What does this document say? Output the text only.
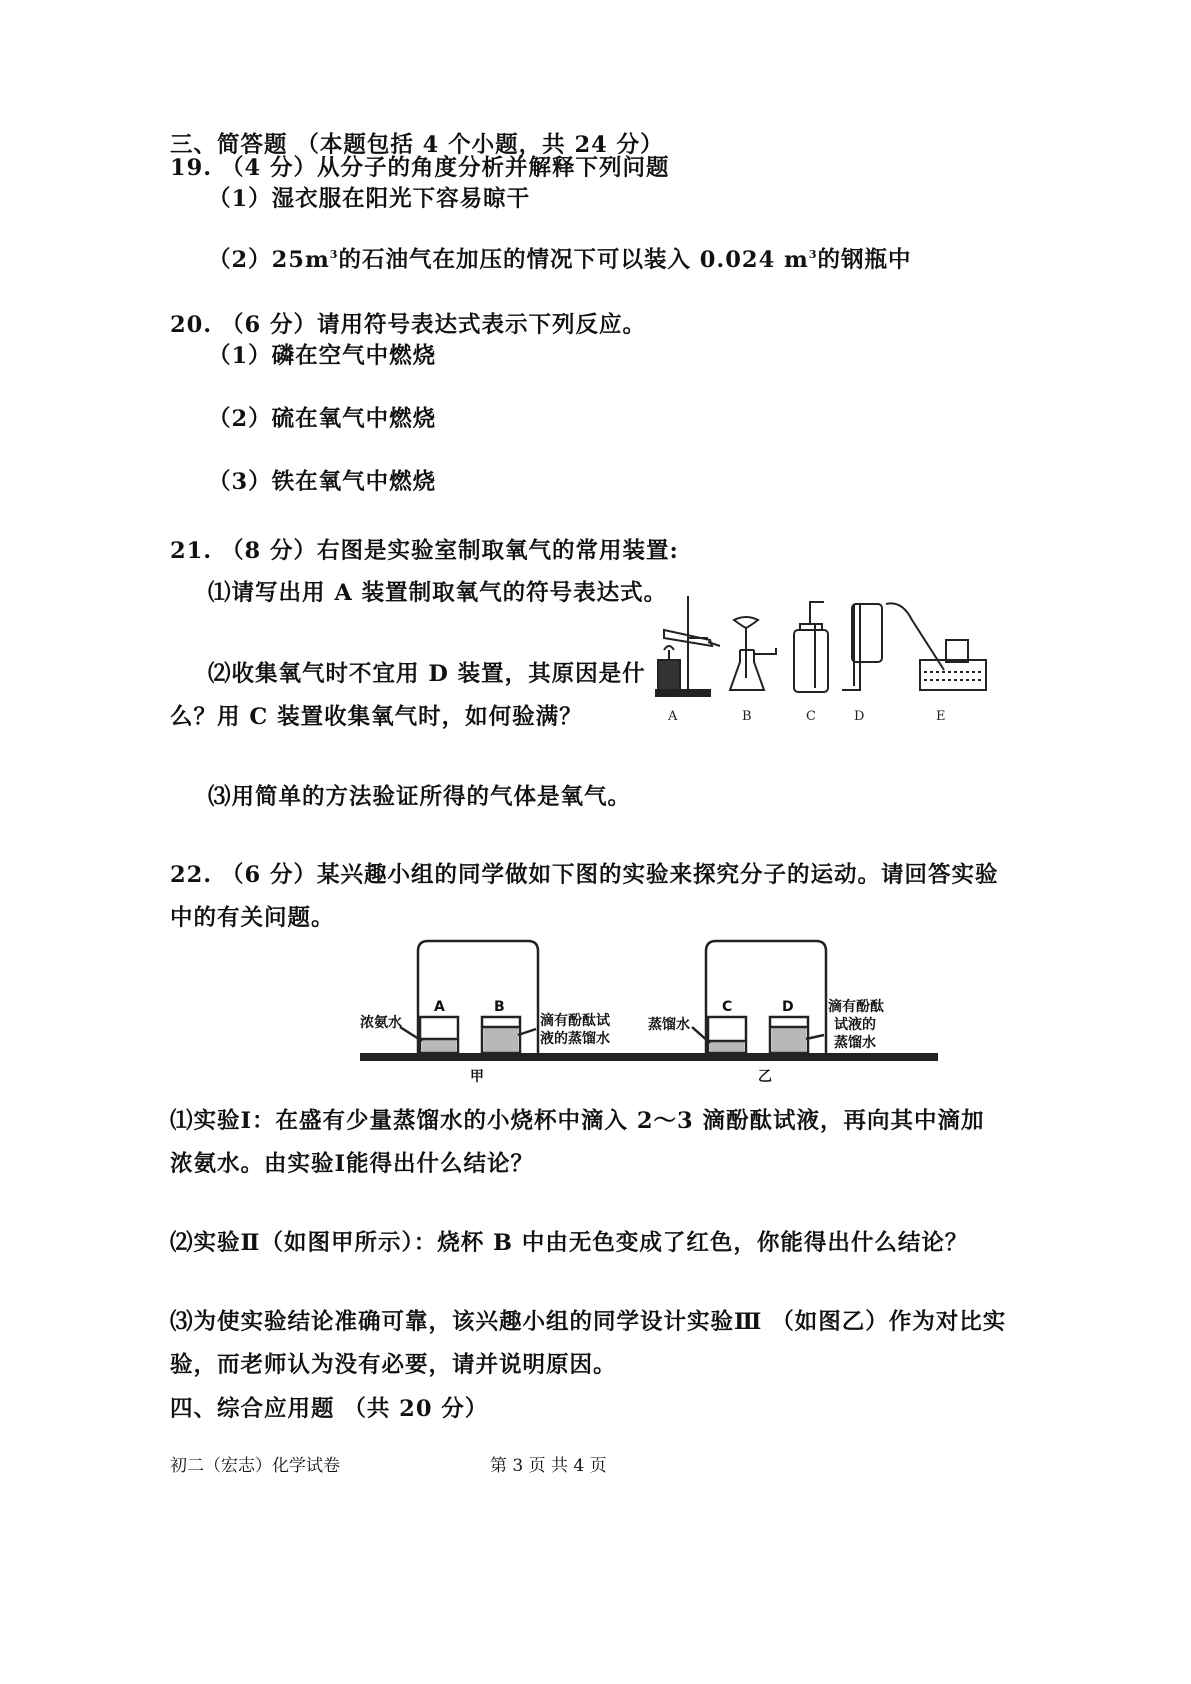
三、简答题 （本题包括 4 个小题，共 24 分）
19. （4 分）从分子的角度分析并解释下列问题
（1）湿衣服在阳光下容易晾干
$(2)25m^3$的石油气在加压的情况下可以装入 0.024 $m^3$的钢瓶中
20. （6 分）请用符号表达式表示下列反应。
（1）磷在空气中燃烧
（2）硫在氧气中燃烧
（3）铁在氧气中燃烧
21. （8 分）右图是实验室制取氧气的常用装置:
⑴请写出用 A 装置制取氧气的符号表达式。
⑵收集氧气时不宜用 D 装置，其原因是什
么？用 C 装置收集氧气时，如何验满？
⑶用简单的方法验证所得的气体是氧气。
A	B	C	D	E
22. （6 分）某兴趣小组的同学做如下图的实验来探究分子的运动。请回答实验
中的有关问题。
A	B
浓氨水	滴有酚酞试
液的蒸馏水
甲
C	D
蒸馏水
滴有酚酞
试液的
蒸馏水
乙
⑴实验Ⅰ：在盛有少量蒸馏水的小烧杯中滴入 2～3 滴酚酞试液，再向其中滴加
浓氨水。由实验Ⅰ能得出什么结论？
⑵实验Ⅱ（如图甲所示）：烧杯 B 中由无色变成了红色，你能得出什么结论？
⑶为使实验结论准确可靠，该兴趣小组的同学设计实验Ⅲ （如图乙）作为对比实
验，而老师认为没有必要，请并说明原因。
四、综合应用题 （共 20 分）
初二（宏志）化学试卷	第 3 页 共 4 页
